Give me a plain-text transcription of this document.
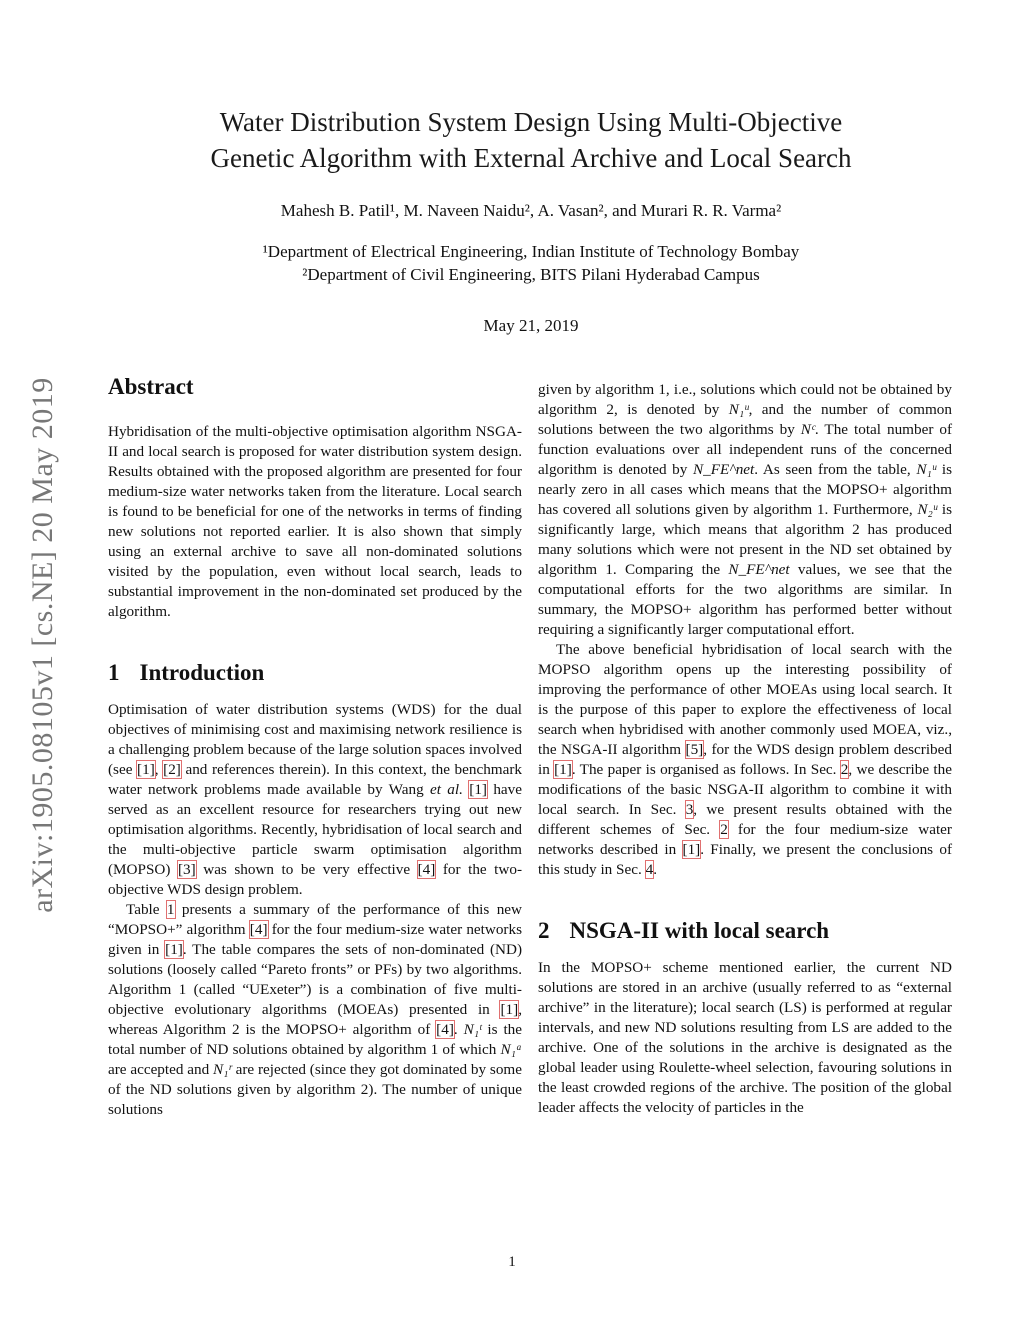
arXiv:1905.08105v1 [cs.NE] 20 May 2019
Water Distribution System Design Using Multi-Objective
Genetic Algorithm with External Archive and Local Search
Mahesh B. Patil¹, M. Naveen Naidu², A. Vasan², and Murari R. R. Varma²
¹Department of Electrical Engineering, Indian Institute of Technology Bombay
²Department of Civil Engineering, BITS Pilani Hyderabad Campus
May 21, 2019
Abstract

Hybridisation of the multi-objective optimisation algorithm NSGA-II and local search is proposed for water distribution system design. Results obtained with the proposed algorithm are presented for four medium-size water networks taken from the literature. Local search is found to be beneficial for one of the networks in terms of finding new solutions not reported earlier. It is also shown that simply using an external archive to save all non-dominated solutions visited by the population, even without local search, leads to substantial improvement in the non-dominated set produced by the algorithm.

1 Introduction

Optimisation of water distribution systems (WDS) for the dual objectives of minimising cost and maximising network resilience is a challenging problem because of the large solution spaces involved (see [1], [2] and references therein). In this context, the benchmark water network problems made available by Wang et al. [1] have served as an excellent resource for researchers trying out new optimisation algorithms. Recently, hybridisation of local search and the multi-objective particle swarm optimisation algorithm (MOPSO) [3] was shown to be very effective [4] for the two-objective WDS design problem.

Table 1 presents a summary of the performance of this new “MOPSO+” algorithm [4] for the four medium-size water networks given in [1]. The table compares the sets of non-dominated (ND) solutions (loosely called “Pareto fronts” or PFs) by two algorithms. Algorithm 1 (called “UExeter”) is a combination of five multi-objective evolutionary algorithms (MOEAs) presented in [1], whereas Algorithm 2 is the MOPSO+ algorithm of [4]. N₁ᵗ is the total number of ND solutions obtained by algorithm 1 of which N₁ᵃ are accepted and N₁ʳ are rejected (since they got dominated by some of the ND solutions given by algorithm 2). The number of unique solutions

given by algorithm 1, i.e., solutions which could not be obtained by algorithm 2, is denoted by N₁ᵘ, and the number of common solutions between the two algorithms by Nᶜ. The total number of function evaluations over all independent runs of the concerned algorithm is denoted by N_FE^net. As seen from the table, N₁ᵘ is nearly zero in all cases which means that the MOPSO+ algorithm has covered all solutions given by algorithm 1. Furthermore, N₂ᵘ is significantly large, which means that algorithm 2 has produced many solutions which were not present in the ND set obtained by algorithm 1. Comparing the N_FE^net values, we see that the computational efforts for the two algorithms are similar. In summary, the MOPSO+ algorithm has performed better without requiring a significantly larger computational effort.

The above beneficial hybridisation of local search with the MOPSO algorithm opens up the interesting possibility of improving the performance of other MOEAs using local search. It is the purpose of this paper to explore the effectiveness of local search when hybridised with another commonly used MOEA, viz., the NSGA-II algorithm [5], for the WDS design problem described in [1]. The paper is organised as follows. In Sec. 2, we describe the modifications of the basic NSGA-II algorithm to combine it with local search. In Sec. 3, we present results obtained with the different schemes of Sec. 2 for the four medium-size water networks described in [1]. Finally, we present the conclusions of this study in Sec. 4.

2 NSGA-II with local search

In the MOPSO+ scheme mentioned earlier, the current ND solutions are stored in an archive (usually referred to as “external archive” in the literature); local search (LS) is performed at regular intervals, and new ND solutions resulting from LS are added to the archive. One of the solutions in the archive is designated as the global leader using Roulette-wheel selection, favouring solutions in the least crowded regions of the archive. The position of the global leader affects the velocity of particles in the

1
